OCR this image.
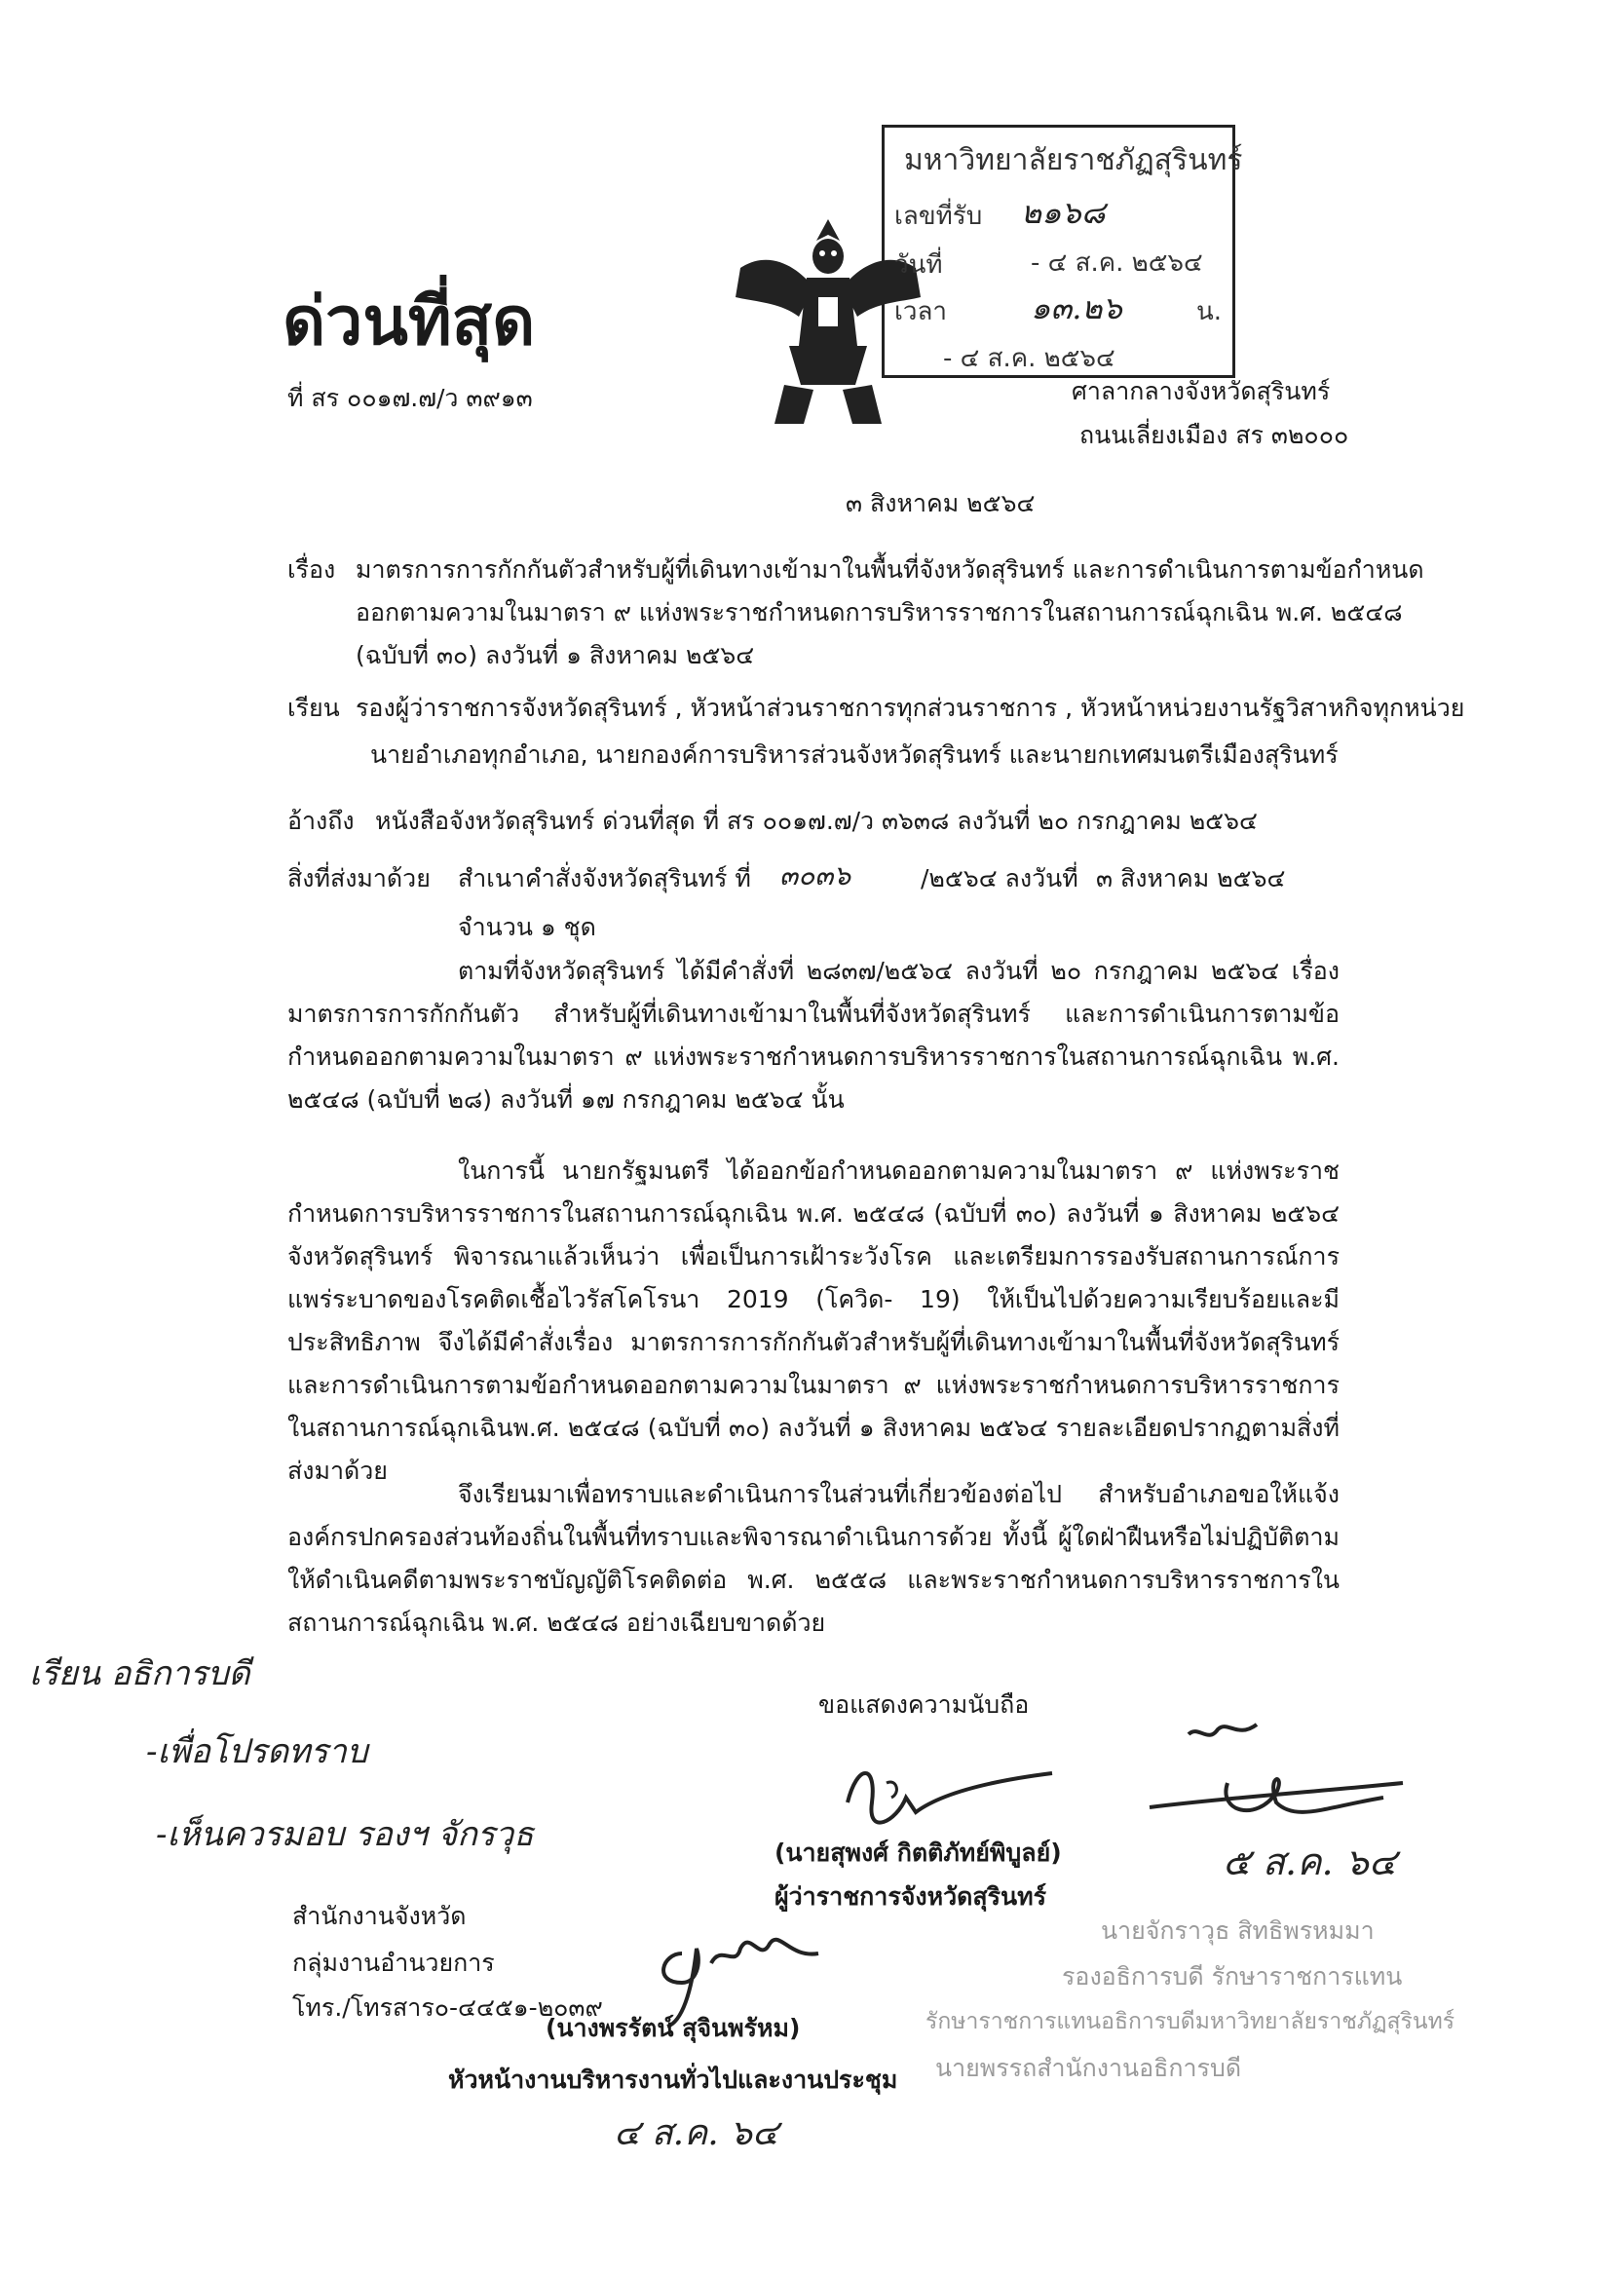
ด่วนที่สุด
ที่ สร ๐๐๑๗.๗/ว ๓๙๑๓
มหาวิทยาลัยราชภัฏสุรินทร์
เลขที่รับ ๒๑๖๘
วันที่	- ๔ ส.ค. ๒๕๖๔
เวลา	๑๓.๒๖	น.
- ๔ ส.ค. ๒๕๖๔
ศาลากลางจังหวัดสุรินทร์
ถนนเลี่ยงเมือง สร ๓๒๐๐๐
๓ สิงหาคม ๒๕๖๔
เรื่อง มาตรการการกักกันตัวสำหรับผู้ที่เดินทางเข้ามาในพื้นที่จังหวัดสุรินทร์ และการดำเนินการตามข้อกำหนด
ออกตามความในมาตรา ๙ แห่งพระราชกำหนดการบริหารราชการในสถานการณ์ฉุกเฉิน พ.ศ. ๒๕๔๘
(ฉบับที่ ๓๐) ลงวันที่ ๑ สิงหาคม ๒๕๖๔
เรียน รองผู้ว่าราชการจังหวัดสุรินทร์ , หัวหน้าส่วนราชการทุกส่วนราชการ , หัวหน้าหน่วยงานรัฐวิสาหกิจทุกหน่วย
นายอำเภอทุกอำเภอ, นายกองค์การบริหารส่วนจังหวัดสุรินทร์ และนายกเทศมนตรีเมืองสุรินทร์
อ้างถึง หนังสือจังหวัดสุรินทร์ ด่วนที่สุด ที่ สร ๐๐๑๗.๗/ว ๓๖๓๘ ลงวันที่ ๒๐ กรกฎาคม ๒๕๖๔
สิ่งที่ส่งมาด้วย สำเนาคำสั่งจังหวัดสุรินทร์ ที่ ๓๐๓๖	/๒๕๖๔ ลงวันที่ ๓ สิงหาคม ๒๕๖๔
จำนวน ๑ ชุด

ตามที่จังหวัดสุรินทร์ ได้มีคำสั่งที่ ๒๘๓๗/๒๕๖๔ ลงวันที่ ๒๐ กรกฎาคม ๒๕๖๔ เรื่อง มาตรการการกักกันตัว สำหรับผู้ที่เดินทางเข้ามาในพื้นที่จังหวัดสุรินทร์ และการดำเนินการตามข้อกำหนดออกตามความในมาตรา ๙ แห่งพระราชกำหนดการบริหารราชการในสถานการณ์ฉุกเฉิน พ.ศ. ๒๕๔๘ (ฉบับที่ ๒๘) ลงวันที่ ๑๗ กรกฎาคม ๒๕๖๔ นั้น

ในการนี้ นายกรัฐมนตรี ได้ออกข้อกำหนดออกตามความในมาตรา ๙ แห่งพระราชกำหนดการบริหารราชการในสถานการณ์ฉุกเฉิน พ.ศ. ๒๕๔๘ (ฉบับที่ ๓๐) ลงวันที่ ๑ สิงหาคม ๒๕๖๔ จังหวัดสุรินทร์ พิจารณาแล้วเห็นว่า เพื่อเป็นการเฝ้าระวังโรค และเตรียมการรองรับสถานการณ์การแพร่ระบาดของโรคติดเชื้อไวรัสโคโรนา 2019 (โควิด- 19) ให้เป็นไปด้วยความเรียบร้อยและมีประสิทธิภาพ จึงได้มีคำสั่งเรื่อง มาตรการการกักกันตัวสำหรับผู้ที่เดินทางเข้ามาในพื้นที่จังหวัดสุรินทร์ และการดำเนินการตามข้อกำหนดออกตามความในมาตรา ๙ แห่งพระราชกำหนดการบริหารราชการในสถานการณ์ฉุกเฉินพ.ศ. ๒๕๔๘ (ฉบับที่ ๓๐) ลงวันที่ ๑ สิงหาคม ๒๕๖๔ รายละเอียดปรากฏตามสิ่งที่ส่งมาด้วย

จึงเรียนมาเพื่อทราบและดำเนินการในส่วนที่เกี่ยวข้องต่อไป สำหรับอำเภอขอให้แจ้งองค์กรปกครองส่วนท้องถิ่นในพื้นที่ทราบและพิจารณาดำเนินการด้วย ทั้งนี้ ผู้ใดฝ่าฝืนหรือไม่ปฏิบัติตามให้ดำเนินคดีตามพระราชบัญญัติโรคติดต่อ พ.ศ. ๒๕๕๘ และพระราชกำหนดการบริหารราชการในสถานการณ์ฉุกเฉิน พ.ศ. ๒๕๔๘ อย่างเฉียบขาดด้วย

ขอแสดงความนับถือ
(นายสุพงศ์ กิตติภัทย์พิบูลย์)
ผู้ว่าราชการจังหวัดสุรินทร์
เรียน อธิการบดี
-เพื่อโปรดทราบ
-เห็นควรมอบ รองฯ จักรวุธ
๕ ส.ค. ๖๔
สำนักงานจังหวัด
กลุ่มงานอำนวยการ
โทร./โทรสาร๐-๔๔๕๑-๒๐๓๙
(นางพรรัตน์ สุจินพรัหม)
หัวหน้างานบริหารงานทั่วไปและงานประชุม
๔ ส.ค. ๖๔
นายจักราวุธ สิทธิพรหมมา
รองอธิการบดี รักษาราชการแทน
รักษาราชการแทนอธิการบดีมหาวิทยาลัยราชภัฏสุรินทร์
นายพรรถสำนักงานอธิการบดี
